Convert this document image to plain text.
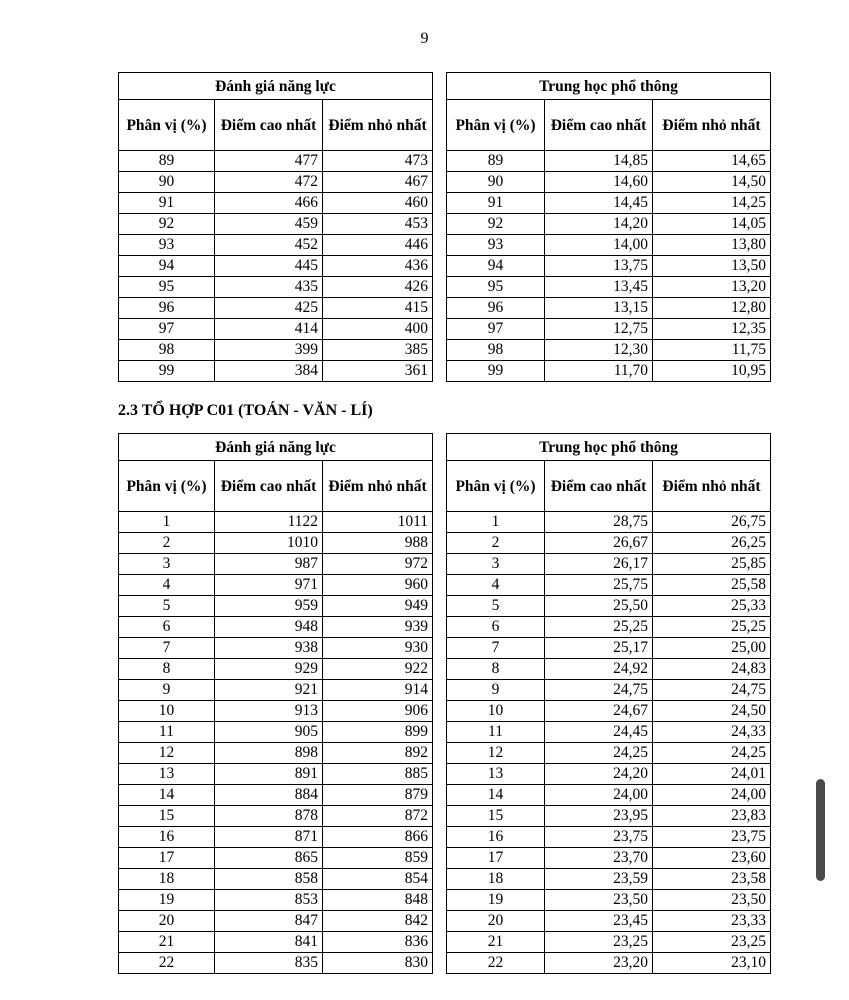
9
Đánh giá năng lực		
Phân vị (%)	Điểm cao nhất	Điểm nhỏ nhất
89	477	473
90	472	467
91	466	460
92	459	453
93	452	446
94	445	436
95	435	426
96	425	415
97	414	400
98	399	385
99	384	361
Trung học phổ thông		
Phân vị (%)	Điểm cao nhất	Điểm nhỏ nhất
89	14,85	14,65
90	14,60	14,50
91	14,45	14,25
92	14,20	14,05
93	14,00	13,80
94	13,75	13,50
95	13,45	13,20
96	13,15	12,80
97	12,75	12,35
98	12,30	11,75
99	11,70	10,95
2.3 TỔ HỢP C01 (TOÁN - VĂN - LÍ)
Đánh giá năng lực		
Phân vị (%)	Điểm cao nhất	Điểm nhỏ nhất
1	1122	1011
2	1010	988
3	987	972
4	971	960
5	959	949
6	948	939
7	938	930
8	929	922
9	921	914
10	913	906
11	905	899
12	898	892
13	891	885
14	884	879
15	878	872
16	871	866
17	865	859
18	858	854
19	853	848
20	847	842
21	841	836
22	835	830
Trung học phổ thông		
Phân vị (%)	Điểm cao nhất	Điểm nhỏ nhất
1	28,75	26,75
2	26,67	26,25
3	26,17	25,85
4	25,75	25,58
5	25,50	25,33
6	25,25	25,25
7	25,17	25,00
8	24,92	24,83
9	24,75	24,75
10	24,67	24,50
11	24,45	24,33
12	24,25	24,25
13	24,20	24,01
14	24,00	24,00
15	23,95	23,83
16	23,75	23,75
17	23,70	23,60
18	23,59	23,58
19	23,50	23,50
20	23,45	23,33
21	23,25	23,25
22	23,20	23,10
